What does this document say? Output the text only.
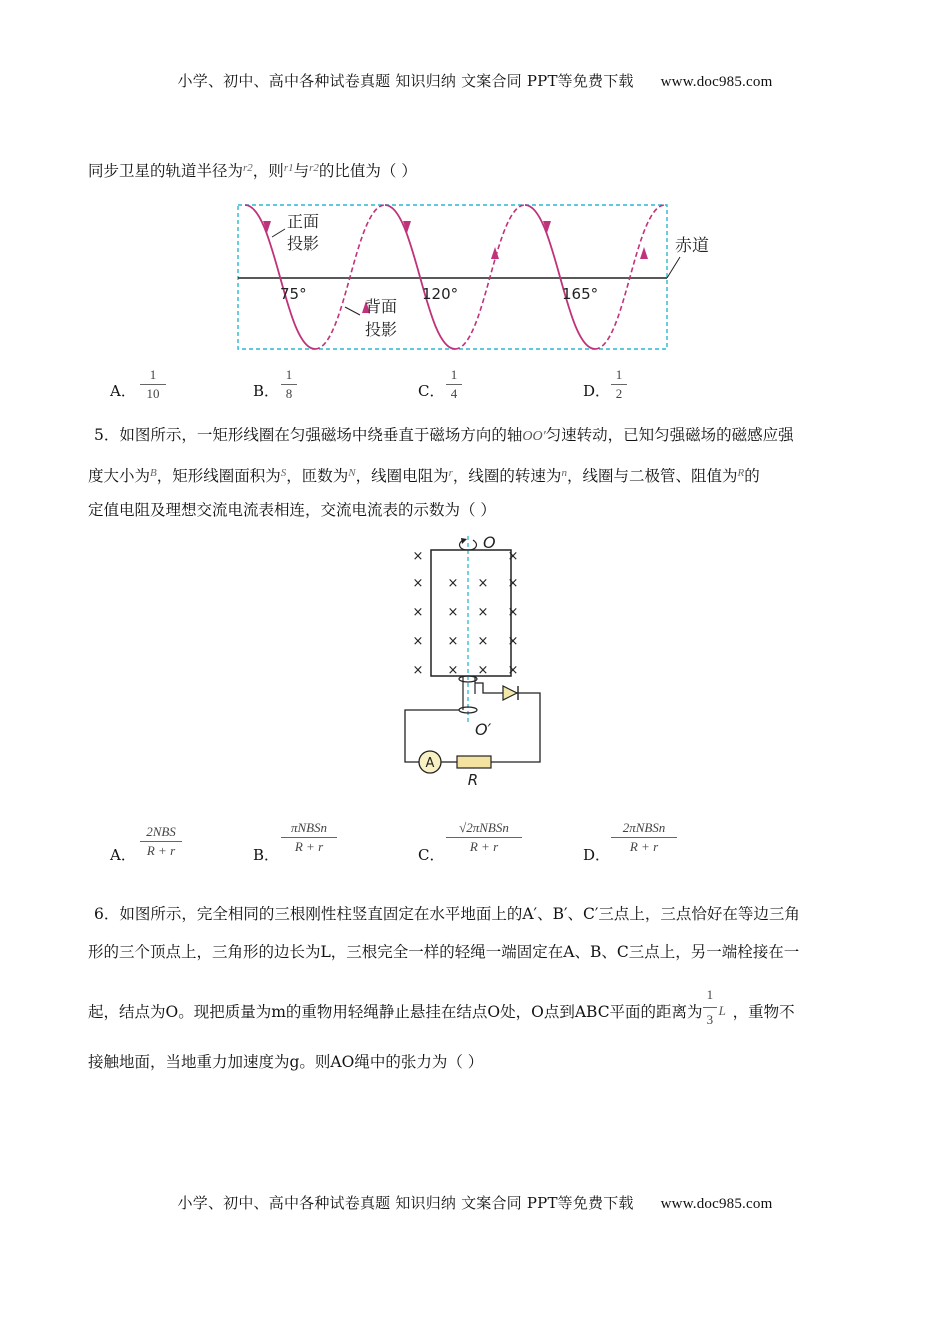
小学、初中、高中各种试卷真题 知识归纳 文案合同 PPT等免费下载 www.doc985.com
同步卫星的轨道半径为$^{r2}$，则$^{r1}$与$^{r2}$的比值为（ ）
正面
投影
背面
投影
赤道
75°	120°	165°
A．
1
10	B．
1
8	C．
1
4	D．
1
2
5．如图所示，一矩形线圈在匀强磁场中绕垂直于磁场方向的轴OO′匀速转动，已知匀强磁场的磁感应强
度大小为$^B$，矩形线圈面积为$^S$，匝数为$^N$，线圈电阻为$^r$，线圈的转速为$^n$，线圈与二极管、阻值为$^R$的
定值电阻及理想交流电流表相连，交流电流表的示数为（ ）
×	×
× × × ×
× × × ×
× × × ×
× × × ×
O
A
R
O′
A．
2NBS
R + r	B．
πNBSn
R + r	C．
√2πNBSn
R + r	D．
2πNBSn
R + r
6．如图所示，完全相同的三根刚性柱竖直固定在水平地面上的A′、B′、C′三点上，三点恰好在等边三角
形的三个顶点上，三角形的边长为L，三根完全一样的轻绳一端固定在A、B、C三点上，另一端栓接在一
起，结点为O。现把质量为m的重物用轻绳静止悬挂在结点O处，O点到ABC平面的距离为
1
3
L ，重物不
接触地面，当地重力加速度为g。则AO绳中的张力为（ ）
小学、初中、高中各种试卷真题 知识归纳 文案合同 PPT等免费下载 www.doc985.com
